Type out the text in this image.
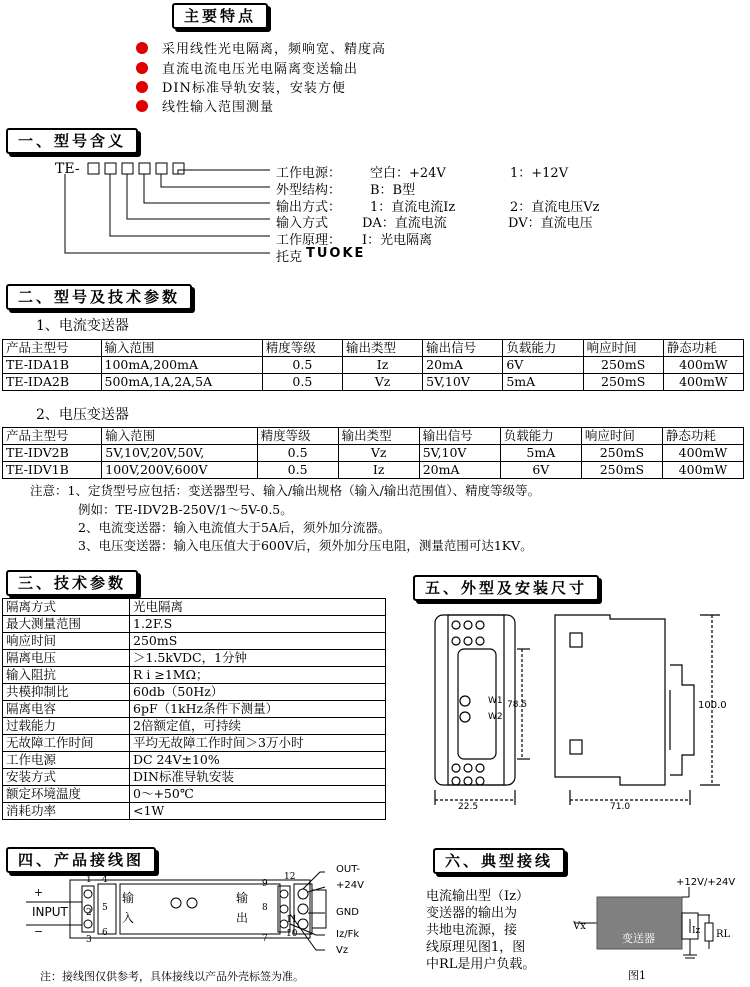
主要特点
采用线性光电隔离，频响宽、精度高
直流电流电压光电隔离变送输出
DIN标准导轨安装，安装方便
线性输入范围测量
一、型号含义
TE-	工作电源： 空白：+24V	1：+12V
外型结构： B：B型
输出方式： 1：直流电流Iz	2：直流电压Vz
输入方式	DA：直流电流	DV：直流电压
工作原理： I：光电隔离
托克 TUOKE
二、型号及技术参数
1、电流变送器
产品主型号	输入范围	精度等级	输出类型	输出信号	负载能力	响应时间	静态功耗
TE-IDA1B	100mA,200mA	0.5	Iz	20mA	6V	250mS	400mW
TE-IDA2B	500mA,1A,2A,5A	0.5	Vz	5V,10V	5mA	250mS	400mW
2、电压变送器
产品主型号	输入范围	精度等级	输出类型	输出信号	负载能力	响应时间	静态功耗
TE-IDV2B	5V,10V,20V,50V,	0.5	Vz	5V,10V	5mA	250mS	400mW
TE-IDV1B	100V,200V,600V	0.5	Iz	20mA	6V	250mS	400mW
注意：1、定货型号应包括：变送器型号、输入/输出规格（输入/输出范围值）、精度等级等。
例如：TE-IDV2B-250V/1～5V-0.5。
2、电流变送器：输入电流值大于5A后，须外加分流器。
3、电压变送器：输入电压值大于600V后，须外加分压电阻，测量范围可达1KV。
三、技术参数
隔离方式	光电隔离
最大测量范围	1.2F.S
响应时间	250mS
隔离电压	＞1.5kVDC，1分钟
输入阻抗	R i ≥1MΩ；
共模抑制比	60db（50Hz）
隔离电容	6pF（1kHz条件下测量）
过载能力	2倍额定值，可持续
无故障工作时间	平均无故障工作时间＞3万小时
工作电源	DC 24V±10%
安装方式	DIN标准导轨安装
额定环境温度	0～+50℃
消耗功率	<1W
五、外型及安装尺寸
W1
W2
78.5	100.0
22.5	71.0
四、产品接线图
+
INPUT
−
1 4
5
2
6
3
输入
输出
12
9
8
11
10
7
OUT-
+24V
GND
Iz/Fk
Vz
注：接线图仅供参考，具体接线以产品外壳标签为准。
六、典型接线
电流输出型（Iz）
变送器的输出为
共地电流源，接
线原理见图1，图
中RL是用户负载。
+12V/+24V
Vx
变送器
Iz RL
图1
